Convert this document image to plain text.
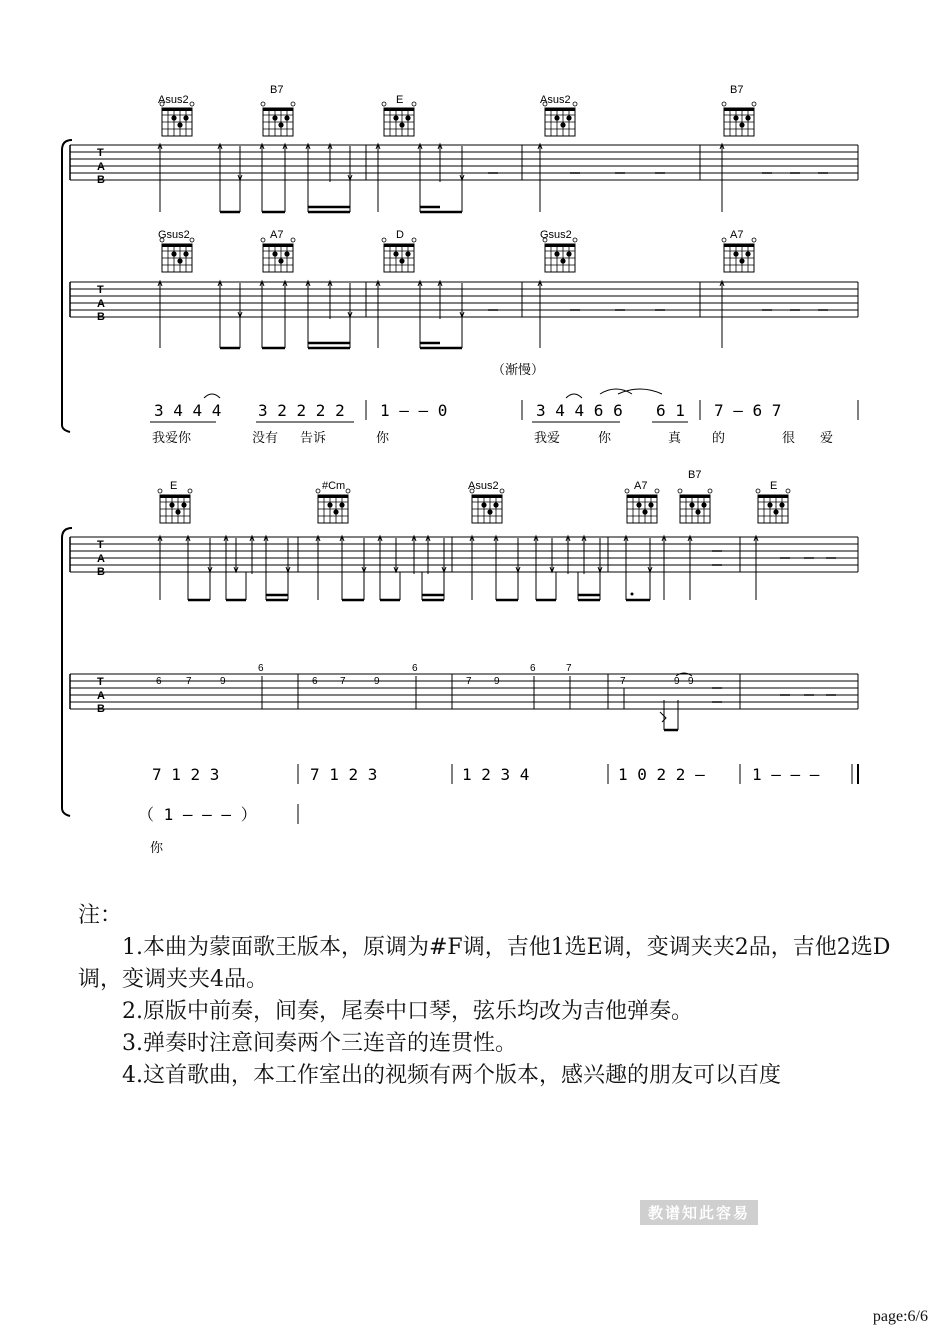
T
A
B
Asus2
B7
E	Asus2
B7
T
A
B
Gsus2	A7	D	Gsus2	A7
（渐慢）
3 4 4 4 3 2 2 2 2 1 – – 0	3 4 4 6 6 6 1 7 – 6 7
我爱你	没有 告诉	你	我爱	你	真 的	很 爱
E	#Cm	Asus2	A7
B7
E
T
A
B
T
A
B
6 7	9
6
6 7	9
6
7 9
6	7
7	9 9
7 1 2 3	7 1 2 3	1 2 3 4	1 0 2 2 –	1 – – –
（ 1 – – – ）
你

注：

1.本曲为蒙面歌王版本，原调为#F调，吉他1选E调，变调夹夹2品，吉他2选D调，变调夹夹4品。

2.原版中前奏，间奏，尾奏中口琴，弦乐均改为吉他弹奏。

3.弹奏时注意间奏两个三连音的连贯性。

4.这首歌曲，本工作室出的视频有两个版本，感兴趣的朋友可以百度

教谱知此容易
page:6/6
